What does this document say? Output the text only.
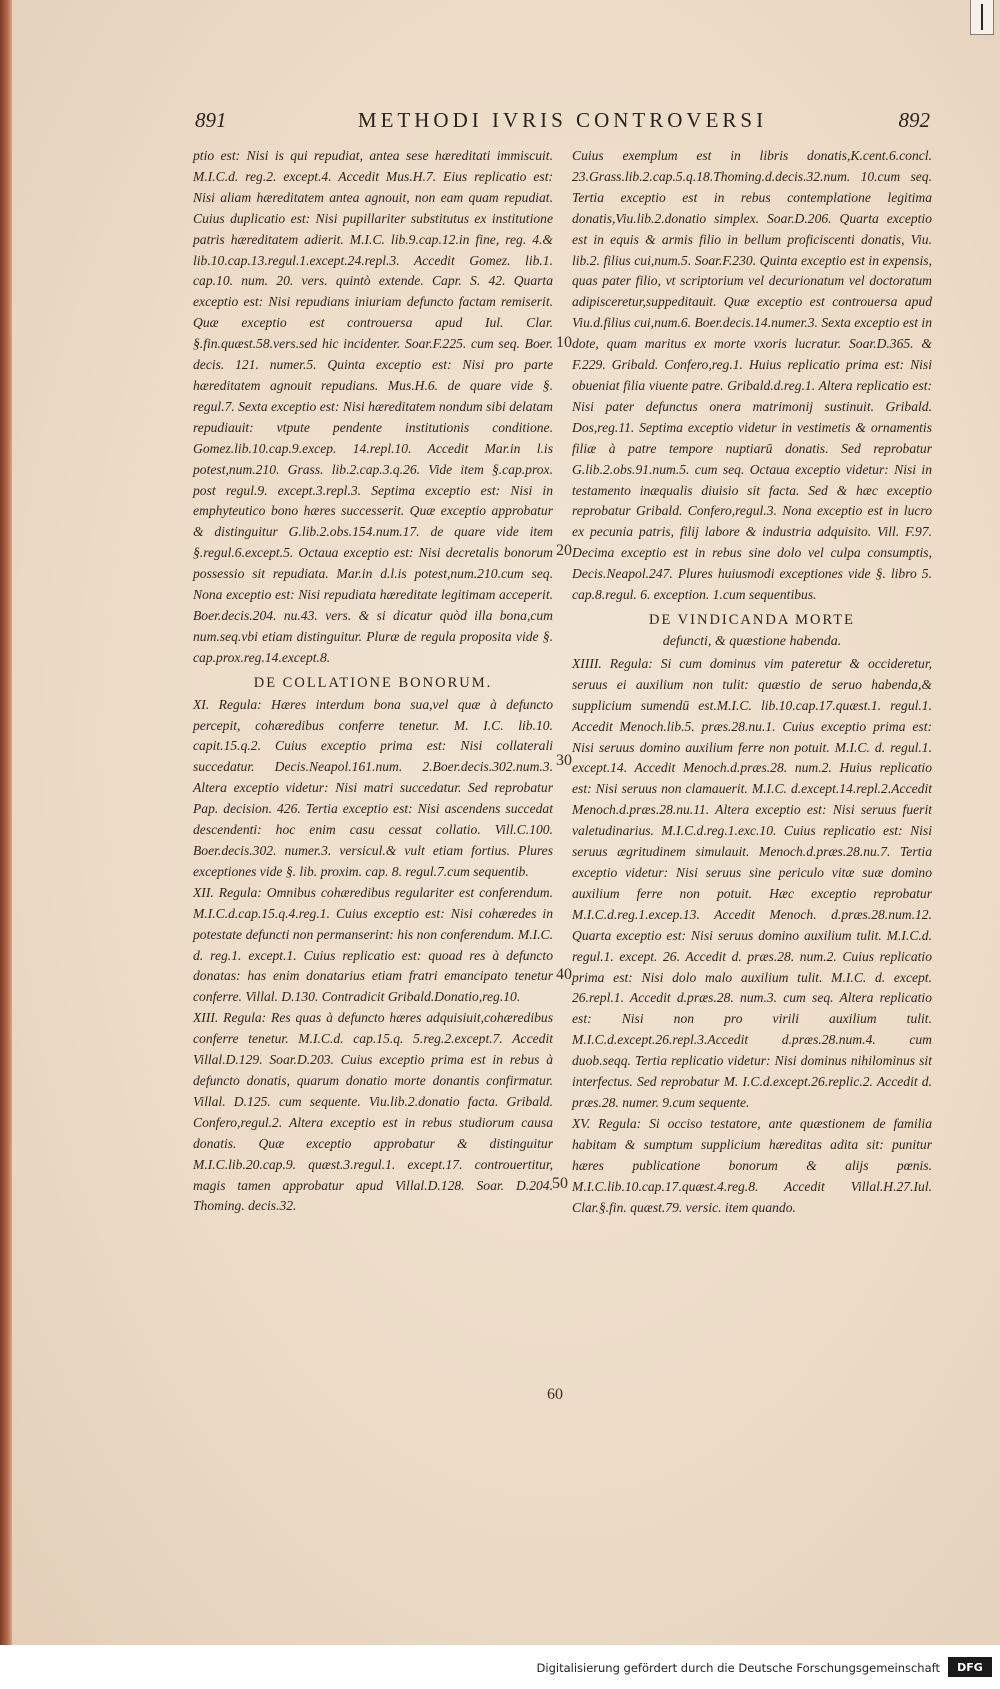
891	METHODI IVRIS CONTROVERSI	892

ptio est: Nisi is qui repudiat, antea sese hæreditati immiscuit. M.I.C.d. reg.2. except.4. Accedit Mus.H.7. Eius replicatio est: Nisi aliam hæreditatem antea agnouit, non eam quam repudiat. Cuius duplicatio est: Nisi pupillariter substitutus ex institutione patris hæreditatem adierit. M.I.C. lib.9.cap.12.in fine, reg. 4.& lib.10.cap.13.regul.1.except.24.repl.3. Accedit Gomez. lib.1. cap.10. num. 20. vers. quintò extende. Capr. S. 42. Quarta exceptio est: Nisi repudians iniuriam defuncto factam remiserit. Quæ exceptio est controuersa apud Iul. Clar. §.fin.quæst.58.vers.sed hic incidenter. Soar.F.225. cum seq. Boer. decis. 121. numer.5. Quinta exceptio est: Nisi pro parte hæreditatem agnouit repudians. Mus.H.6. de quare vide §. regul.7. Sexta exceptio est: Nisi hæreditatem nondum sibi delatam repudiauit: vtpute pendente institutionis conditione. Gomez.lib.10.cap.9.excep. 14.repl.10. Accedit Mar.in l.is potest,num.210. Grass. lib.2.cap.3.q.26. Vide item §.cap.prox. post regul.9. except.3.repl.3. Septima exceptio est: Nisi in emphyteutico bono hæres successerit. Quæ exceptio approbatur & distinguitur G.lib.2.obs.154.num.17. de quare vide item §.regul.6.except.5. Octaua exceptio est: Nisi decretalis bonorum possessio sit repudiata. Mar.in d.l.is potest,num.210.cum seq. Nona exceptio est: Nisi repudiata hæreditate legitimam acceperit. Boer.decis.204. nu.43. vers. & si dicatur quòd illa bona,cum num.seq.vbi etiam distinguitur. Pluræ de regula proposita vide §. cap.prox.reg.14.except.8.

DE COLLATIONE BONORUM.

XI. Regula: Hæres interdum bona sua,vel quæ à defuncto percepit, cohæredibus conferre tenetur. M. I.C. lib.10. capit.15.q.2. Cuius exceptio prima est: Nisi collaterali succedatur. Decis.Neapol.161.num. 2.Boer.decis.302.num.3. Altera exceptio videtur: Nisi matri succedatur. Sed reprobatur Pap. decision. 426. Tertia exceptio est: Nisi ascendens succedat descendenti: hoc enim casu cessat collatio. Vill.C.100. Boer.decis.302. numer.3. versicul.& vult etiam fortius. Plures exceptiones vide §. lib. proxim. cap. 8. regul.7.cum sequentib.

XII. Regula: Omnibus cohæredibus regulariter est conferendum. M.I.C.d.cap.15.q.4.reg.1. Cuius exceptio est: Nisi cohæredes in potestate defuncti non permanserint: his non conferendum. M.I.C. d. reg.1. except.1. Cuius replicatio est: quoad res à defuncto donatas: has enim donatarius etiam fratri emancipato tenetur conferre. Villal. D.130. Contradicit Gribald.Donatio,reg.10.

XIII. Regula: Res quas à defuncto hæres adquisiuit,cohæredibus conferre tenetur. M.I.C.d. cap.15.q. 5.reg.2.except.7. Accedit Villal.D.129. Soar.D.203. Cuius exceptio prima est in rebus à defuncto donatis, quarum donatio morte donantis confirmatur. Villal. D.125. cum sequente. Viu.lib.2.donatio facta. Gribald. Confero,regul.2. Altera exceptio est in rebus studiorum causa donatis. Quæ exceptio approbatur & distinguitur M.I.C.lib.20.cap.9. quæst.3.regul.1. except.17. controuertitur, magis tamen approbatur apud Villal.D.128. Soar. D.204. Thoming. decis.32.

Cuius exemplum est in libris donatis,K.cent.6.concl. 23.Grass.lib.2.cap.5.q.18.Thoming.d.decis.32.num. 10.cum seq. Tertia exceptio est in rebus contemplatione legitima donatis,Viu.lib.2.donatio simplex. Soar.D.206. Quarta exceptio est in equis & armis filio in bellum proficiscenti donatis, Viu. lib.2. filius cui,num.5. Soar.F.230. Quinta exceptio est in expensis, quas pater filio, vt scriptorium vel decurionatum vel doctoratum adipisceretur,suppeditauit. Quæ exceptio est controuersa apud Viu.d.filius cui,num.6. Boer.decis.14.numer.3. Sexta exceptio est in dote, quam maritus ex morte vxoris lucratur. Soar.D.365. & F.229. Gribald. Confero,reg.1. Huius replicatio prima est: Nisi obueniat filia viuente patre. Gribald.d.reg.1. Altera replicatio est: Nisi pater defunctus onera matrimonij sustinuit. Gribald. Dos,reg.11. Septima exceptio videtur in vestimetis & ornamentis filiæ à patre tempore nuptiarū donatis. Sed reprobatur G.lib.2.obs.91.num.5. cum seq. Octaua exceptio videtur: Nisi in testamento inæqualis diuisio sit facta. Sed & hæc exceptio reprobatur Gribald. Confero,regul.3. Nona exceptio est in lucro ex pecunia patris, filij labore & industria adquisito. Vill. F.97. Decima exceptio est in rebus sine dolo vel culpa consumptis, Decis.Neapol.247. Plures huiusmodi exceptiones vide §. libro 5. cap.8.regul. 6. exception. 1.cum sequentibus.

DE VINDICANDA MORTE
defuncti, & quæstione habenda.

XIIII. Regula: Si cum dominus vim pateretur & occideretur, seruus ei auxilium non tulit: quæstio de seruo habenda,& supplicium sumendū est.M.I.C. lib.10.cap.17.quæst.1. regul.1. Accedit Menoch.lib.5. præs.28.nu.1. Cuius exceptio prima est: Nisi seruus domino auxilium ferre non potuit. M.I.C. d. regul.1. except.14. Accedit Menoch.d.præs.28. num.2. Huius replicatio est: Nisi seruus non clamauerit. M.I.C. d.except.14.repl.2.Accedit Menoch.d.præs.28.nu.11. Altera exceptio est: Nisi seruus fuerit valetudinarius. M.I.C.d.reg.1.exc.10. Cuius replicatio est: Nisi seruus ægritudinem simulauit. Menoch.d.præs.28.nu.7. Tertia exceptio videtur: Nisi seruus sine periculo vitæ suæ domino auxilium ferre non potuit. Hæc exceptio reprobatur M.I.C.d.reg.1.excep.13. Accedit Menoch. d.præs.28.num.12. Quarta exceptio est: Nisi seruus domino auxilium tulit. M.I.C.d. regul.1. except. 26. Accedit d. præs.28. num.2. Cuius replicatio prima est: Nisi dolo malo auxilium tulit. M.I.C. d. except. 26.repl.1. Accedit d.præs.28. num.3. cum seq. Altera replicatio est: Nisi non pro virili auxilium tulit. M.I.C.d.except.26.repl.3.Accedit d.præs.28.num.4. cum duob.seqq. Tertia replicatio videtur: Nisi dominus nihilominus sit interfectus. Sed reprobatur M. I.C.d.except.26.replic.2. Accedit d. præs.28. numer. 9.cum sequente.

XV. Regula: Si occiso testatore, ante quæstionem de familia habitam & sumptum supplicium hæreditas adita sit: punitur hæres publicatione bonorum & alijs pœnis. M.I.C.lib.10.cap.17.quæst.4.reg.8. Accedit Villal.H.27.Iul. Clar.§.fin. quæst.79. versic. item quando.

10
20
30
40
50
60
Digitalisierung gefördert durch die Deutsche Forschungsgemeinschaft	DFG
